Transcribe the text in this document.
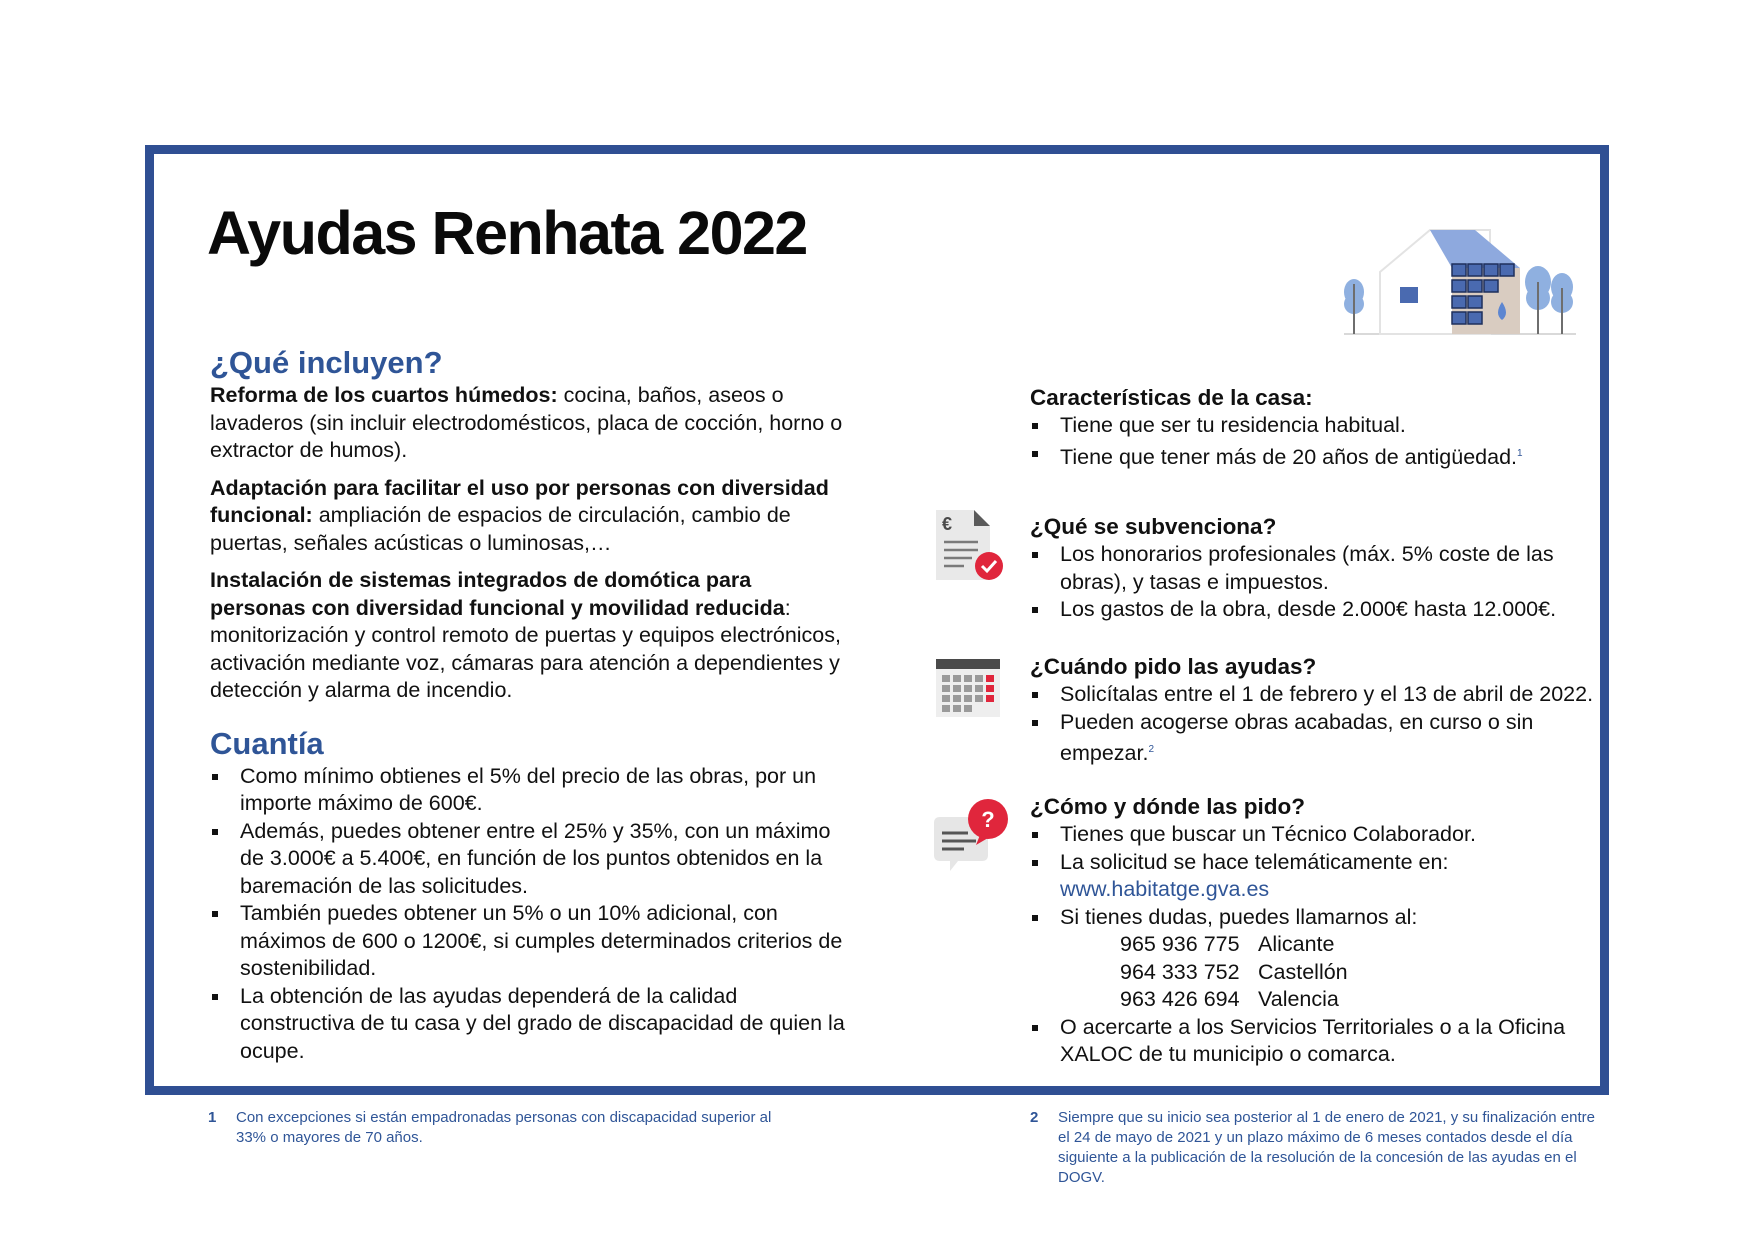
Ayudas Renhata 2022
¿Qué incluyen?

Reforma de los cuartos húmedos: cocina, baños, aseos o lavaderos (sin incluir electrodomésticos, placa de cocción, horno o extractor de humos).

Adaptación para facilitar el uso por personas con diversidad funcional: ampliación de espacios de circulación, cambio de puertas, señales acústicas o luminosas,…

Instalación de sistemas integrados de domótica para personas con diversidad funcional y movilidad reducida: monitorización y control remoto de puertas y equipos electrónicos, activación mediante voz, cámaras para atención a dependientes y detección y alarma de incendio.

Cuantía
Como mínimo obtienes el 5% del precio de las obras, por un importe máximo de 600€.
Además, puedes obtener entre el 25% y 35%, con un máximo de 3.000€ a 5.400€, en función de los puntos obtenidos en la baremación de las solicitudes.
También puedes obtener un 5% o un 10% adicional, con máximos de 600 o 1200€, si cumples determinados criterios de sostenibilidad.
La obtención de las ayudas dependerá de la calidad constructiva de tu casa y del grado de discapacidad de quien la ocupe.
Características de la casa:
Tiene que ser tu residencia habitual.
Tiene que tener más de 20 años de antigüedad.$^1$
€	¿Qué se subvenciona?
Los honorarios profesionales (máx. 5% coste de las obras), y tasas e impuestos.
Los gastos de la obra, desde 2.000€ hasta 12.000€.
¿Cuándo pido las ayudas?
Solicítalas entre el 1 de febrero y el 13 de abril de 2022.
Pueden acogerse obras acabadas, en curso o sin empezar.$^2$
?
¿Cómo y dónde las pido?
Tienes que buscar un Técnico Colaborador.
La solicitud se hace telemáticamente en:
www.habitatge.gva.es
Si tienes dudas, puedes llamarnos al:
965 936 775 Alicante
964 333 752 Castellón
963 426 694 Valencia
O acercarte a los Servicios Territoriales o a la Oficina XALOC de tu municipio o comarca.
1 Con excepciones si están empadronadas personas con discapacidad superior al 33% o mayores de 70 años.
2 Siempre que su inicio sea posterior al 1 de enero de 2021, y su finalización entre el 24 de mayo de 2021 y un plazo máximo de 6 meses contados desde el día siguiente a la publicación de la resolución de la concesión de las ayudas en el DOGV.
